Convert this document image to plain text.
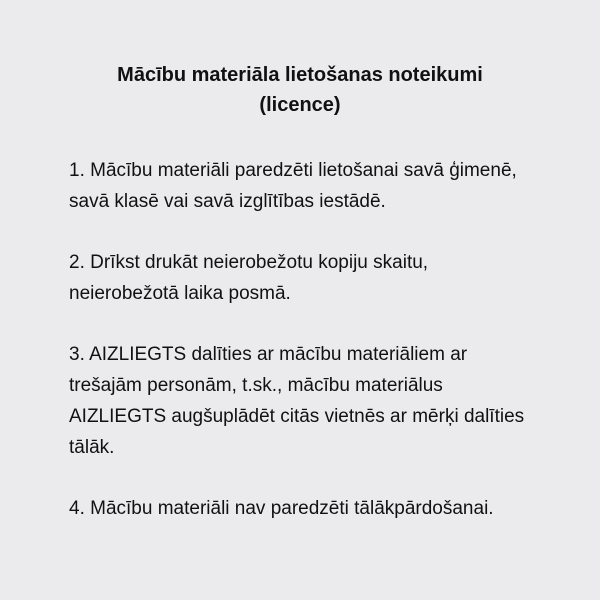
Mācību materiāla lietošanas noteikumi
(licence)
1. Mācību materiāli paredzēti lietošanai savā ģimenē,
savā klasē vai savā izglītības iestādē.
2. Drīkst drukāt neierobežotu kopiju skaitu,
neierobežotā laika posmā.
3. AIZLIEGTS dalīties ar mācību materiāliem ar
trešajām personām, t.sk., mācību materiālus
AIZLIEGTS augšuplādēt citās vietnēs ar mērķi dalīties
tālāk.
4. Mācību materiāli nav paredzēti tālākpārdošanai.
